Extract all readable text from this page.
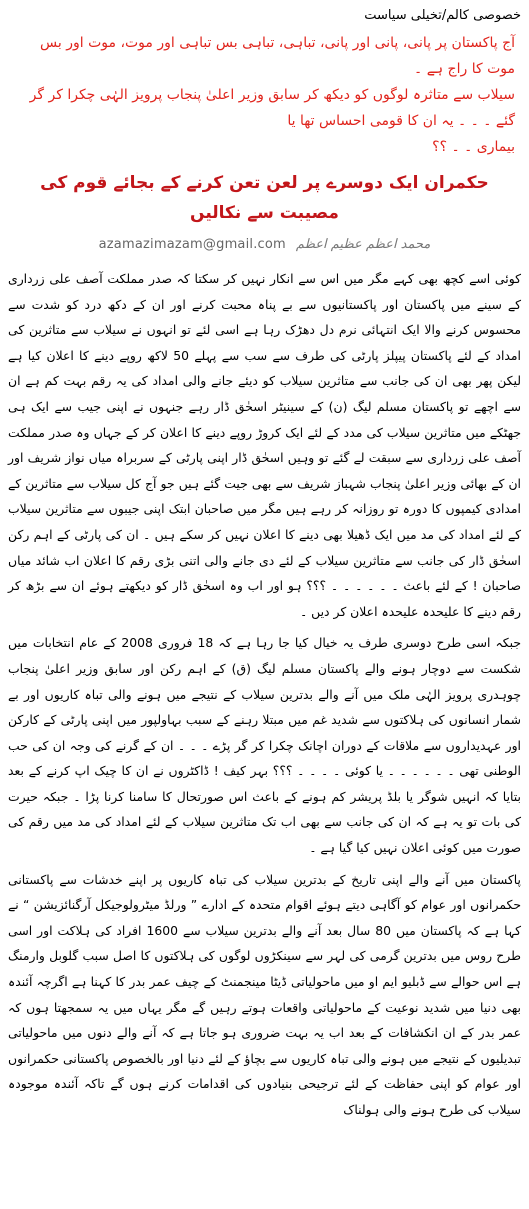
خصوصی کالم/تخیلی سیاست
آج پاکستان پر پانی، پانی اور پانی، تباہی، تباہی بس تباہی اور موت، موت اور بس موت کا راج ہے ۔
سیلاب سے متاثرہ لوگوں کو دیکھ کر سابق وزیر اعلیٰ پنجاب پرویز الہٰی چکرا کر گر گئے ۔ ۔ ۔ یہ ان کا قومی احساس تھا یا
بیماری ۔ ۔ ؟؟
حکمران ایک دوسرے پر لعن تعن کرنے کے بجائے قوم کی مصیبت سے نکالیں
azamazimazam@gmail.com محمد اعظم عظیم اعظم

کوئی اسے کچھ بھی کہے مگر میں اس سے انکار نہیں کر سکتا کہ صدر مملکت آصف علی زرداری کے سینے میں پاکستان اور پاکستانیوں سے بے پناہ محبت کرنے اور ان کے دکھ درد کو شدت سے محسوس کرنے والا ایک انتہائی نرم دل دھڑک رہا ہے اسی لئے تو انہوں نے سیلاب سے متاثرین کی امداد کے لئے پاکستان پیپلز پارٹی کی طرف سے سب سے پہلے 50 لاکھ روپے دینے کا اعلان کیا ہے لیکن پھر بھی ان کی جانب سے متاثرین سیلاب کو دیئے جانے والی امداد کی یہ رقم بہت کم ہے ان سے اچھے تو پاکستان مسلم لیگ (ن) کے سینیٹر اسحٰق ڈار رہے جنہوں نے اپنی جیب سے ایک ہی جھٹکے میں متاثرین سیلاب کی مدد کے لئے ایک کروڑ روپے دینے کا اعلان کر کے جہاں وہ صدر مملکت آصف علی زرداری سے سبقت لے گئے تو وہیں اسحٰق ڈار اپنی پارٹی کے سربراہ میاں نواز شریف اور ان کے بھائی وزیر اعلیٰ پنجاب شہباز شریف سے بھی جیت گئے ہیں جو آج کل سیلاب سے متاثرین کے امدادی کیمپوں کا دورہ تو روزانہ کر رہے ہیں مگر میں صاحبان ابتک اپنی جیبوں سے متاثرین سیلاب کے لئے امداد کی مد میں ایک ڈھیلا بھی دینے کا اعلان نہیں کر سکے ہیں ۔ ان کی پارٹی کے اہم رکن اسحٰق ڈار کی جانب سے متاثرین سیلاب کے لئے دی جانے والی اتنی بڑی رقم کا اعلان اب شائد میاں صاحبان ! کے لئے باعث ۔ ۔ ۔ ۔ ۔ ۔ ؟؟؟ ہو اور اب وہ اسحٰق ڈار کو دیکھتے ہوئے ان سے بڑھ کر رقم دینے کا علیحدہ علیحدہ اعلان کر دیں ۔

جبکہ اسی طرح دوسری طرف یہ خیال کیا جا رہا ہے کہ 18 فروری 2008 کے عام انتخابات میں شکست سے دوچار ہونے والے پاکستان مسلم لیگ (ق) کے اہم رکن اور سابق وزیر اعلیٰ پنجاب چوہدری پرویز الہٰی ملک میں آنے والے بدترین سیلاب کے نتیجے میں ہونے والی تباہ کاریوں اور بے شمار انسانوں کی ہلاکتوں سے شدید غم میں مبتلا رہنے کے سبب بہاولپور میں اپنی پارٹی کے کارکن اور عہدیداروں سے ملاقات کے دوران اچانک چکرا کر گر پڑے ۔ ۔ ۔ ان کے گرنے کی وجہ ان کی حب الوطنی تھی ۔ ۔ ۔ ۔ ۔ ۔ یا کوئی ۔ ۔ ۔ ۔ ؟؟؟ بہر کیف ! ڈاکٹروں نے ان کا چیک اپ کرنے کے بعد بتایا کہ انہیں شوگر یا بلڈ پریشر کم ہونے کے باعث اس صورتحال کا سامنا کرنا پڑا ۔ جبکہ حیرت کی بات تو یہ ہے کہ ان کی جانب سے بھی اب تک متاثرین سیلاب کے لئے امداد کی مد میں رقم کی صورت میں کوئی اعلان نہیں کیا گیا ہے ۔

پاکستان میں آنے والے اپنی تاریخ کے بدترین سیلاب کی تباہ کاریوں پر اپنے خدشات سے پاکستانی حکمرانوں اور عوام کو آگاہی دیتے ہوئے اقوام متحدہ کے ادارے ” ورلڈ میٹرولوجیکل آرگنائزیشن “ نے کہا ہے کہ پاکستان میں 80 سال بعد آنے والے بدترین سیلاب سے 1600 افراد کی ہلاکت اور اسی طرح روس میں بدترین گرمی کی لہر سے سینکڑوں لوگوں کی ہلاکتوں کا اصل سبب گلوبل وارمنگ ہے اس حوالے سے ڈبلیو ایم او میں ماحولیاتی ڈیٹا مینجمنٹ کے چیف عمر بدر کا کہنا ہے اگرچہ آئندہ بھی دنیا میں شدید نوعیت کے ماحولیاتی واقعات ہوتے رہیں گے مگر یہاں میں یہ سمجھتا ہوں کہ عمر بدر کے ان انکشافات کے بعد اب یہ بہت ضروری ہو جاتا ہے کہ آنے والے دنوں میں ماحولیاتی تبدیلیوں کے نتیجے میں ہونے والی تباہ کاریوں سے بچاؤ کے لئے دنیا اور بالخصوص پاکستانی حکمرانوں اور عوام کو اپنی حفاظت کے لئے ترجیحی بنیادوں کی اقدامات کرنے ہوں گے تاکہ آئندہ موجودہ سیلاب کی طرح ہونے والی ہولناک
